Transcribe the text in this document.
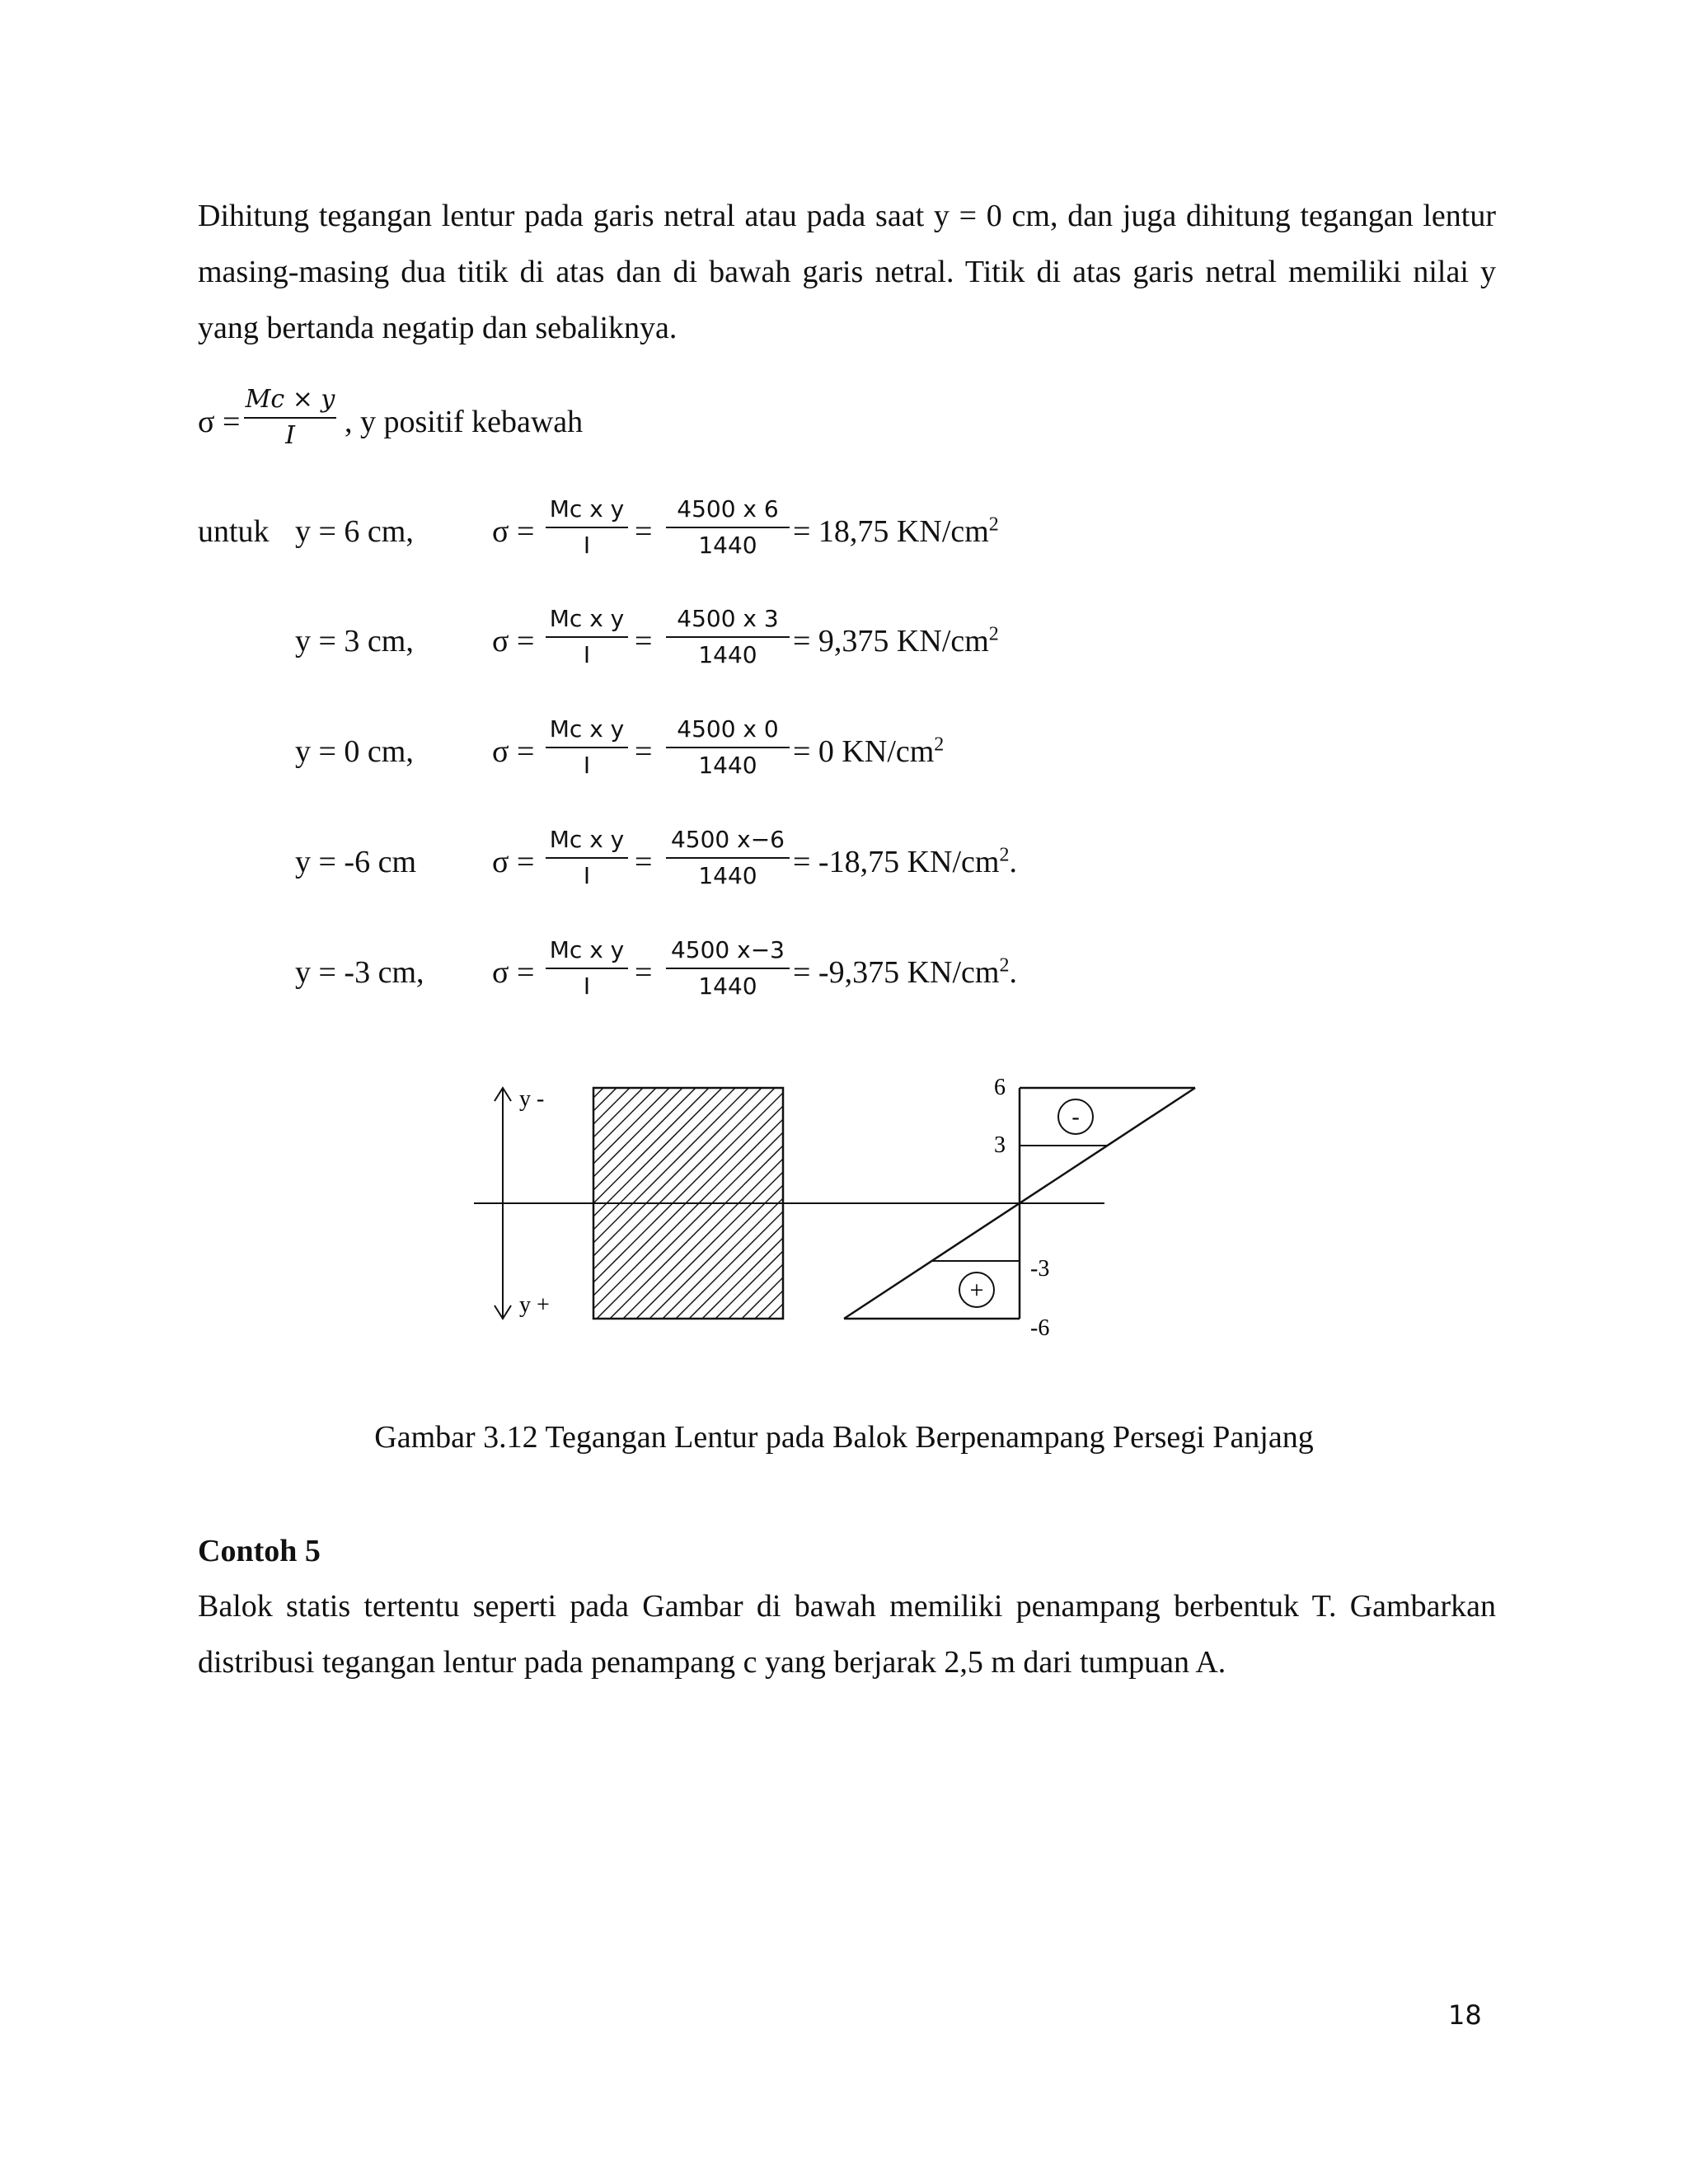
Dihitung tegangan lentur pada garis netral atau pada saat y = 0 cm, dan juga dihitung tegangan lentur masing-masing dua titik di atas dan di bawah garis netral. Titik di atas garis netral memiliki nilai y yang bertanda negatip dan sebaliknya.
σ =
Mc × y
I	, y positif kebawah
untuk y = 6 cm,	σ =
Mc x y
I	=
4500 x 6
1440	= 18,75 $KN/cm^2$
y = 3 cm,	σ =
Mc x y
I	=
4500 x 3
1440	= 9,375 $KN/cm^2$
y = 0 cm,	σ =
Mc x y
I	=
4500 x 0
1440	= 0 $KN/cm^2$
y = -6 cm σ =
Mc x y
I	=
4500 x−6
1440	= -18,75 $KN/cm^2$.
y = -3 cm, σ =
Mc x y
I	=
4500 x−3
1440	= -9,375 $KN/cm^2$.
y -
y +
6
3
-3
-6
-
+
Gambar 3.12 Tegangan Lentur pada Balok Berpenampang Persegi Panjang
Contoh 5
Balok statis tertentu seperti pada Gambar di bawah memiliki penampang berbentuk T. Gambarkan distribusi tegangan lentur pada penampang c yang berjarak 2,5 m dari tumpuan A.
18
